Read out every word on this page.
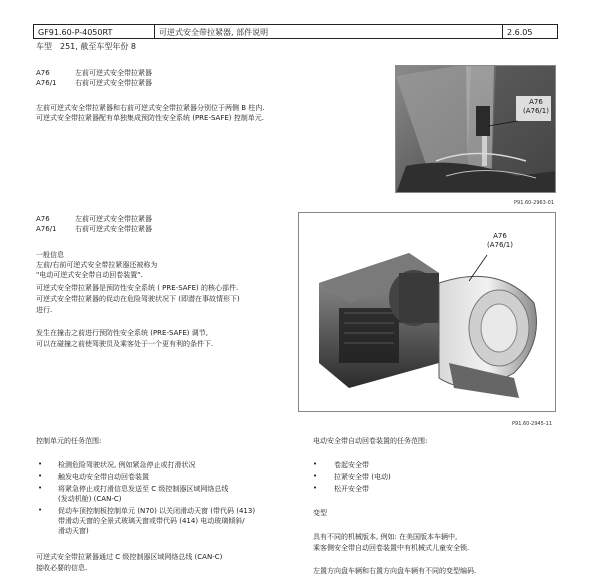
GF91.60-P-4050RT	可逆式安全带拉紧器, 部件说明	2.6.05
车型　251, 截至车型年份 8
A76	左前可逆式安全带拉紧器
A76/1	右前可逆式安全带拉紧器
左前可逆式安全带拉紧器和右前可逆式安全带拉紧器分别位于两侧 B 柱内.
可逆式安全带拉紧器配有单独集成预防性安全系统 (PRE-SAFE) 控制单元.
A76
(A76/1)
P91.60-2963-01
A76	左前可逆式安全带拉紧器
A76/1	右前可逆式安全带拉紧器
一般信息
左前/右前可逆式安全带拉紧器还被称为
"电动可逆式安全带自动回卷装置".
可逆式安全带拉紧器是预防性安全系统 ( PRE-SAFE) 的核心部件.
可逆式安全带拉紧器的促动在危险驾驶状况下 (即潜在事故情形下)
进行.
发生在撞击之前进行预防性安全系统 (PRE-SAFE) 调节,
可以在碰撞之前使驾驶员及乘客处于一个更有利的条件下.
A76
(A76/1)
P91.60-2945-11
控制单元的任务范围:
• 检测危险驾驶状况, 例如紧急停止或打滑状况
• 触发电动安全带自动回卷装置
• 将紧急停止或打滑信息发送至 C 级控制器区域网络总线
(发动机舱) (CAN-C)
• 促动车顶控制板控制单元 (N70) 以关闭滑动天窗 (带代码 (413)
带滑动天窗的全景式玻璃天窗或带代码 (414) 电动玻璃倾斜/
滑动天窗)
可逆式安全带拉紧器通过 C 级控制器区域网络总线 (CAN-C)
接收必要的信息.
电动安全带自动回卷装置的任务范围:
• 卷起安全带
• 拉紧安全带 (电动)
• 松开安全带
变型
具有不同的机械版本, 例如: 在美国版本车辆中,
乘客侧安全带自动回卷装置中有机械式儿童安全锁.
左置方向盘车辆和右置方向盘车辆有不同的变型编码.
